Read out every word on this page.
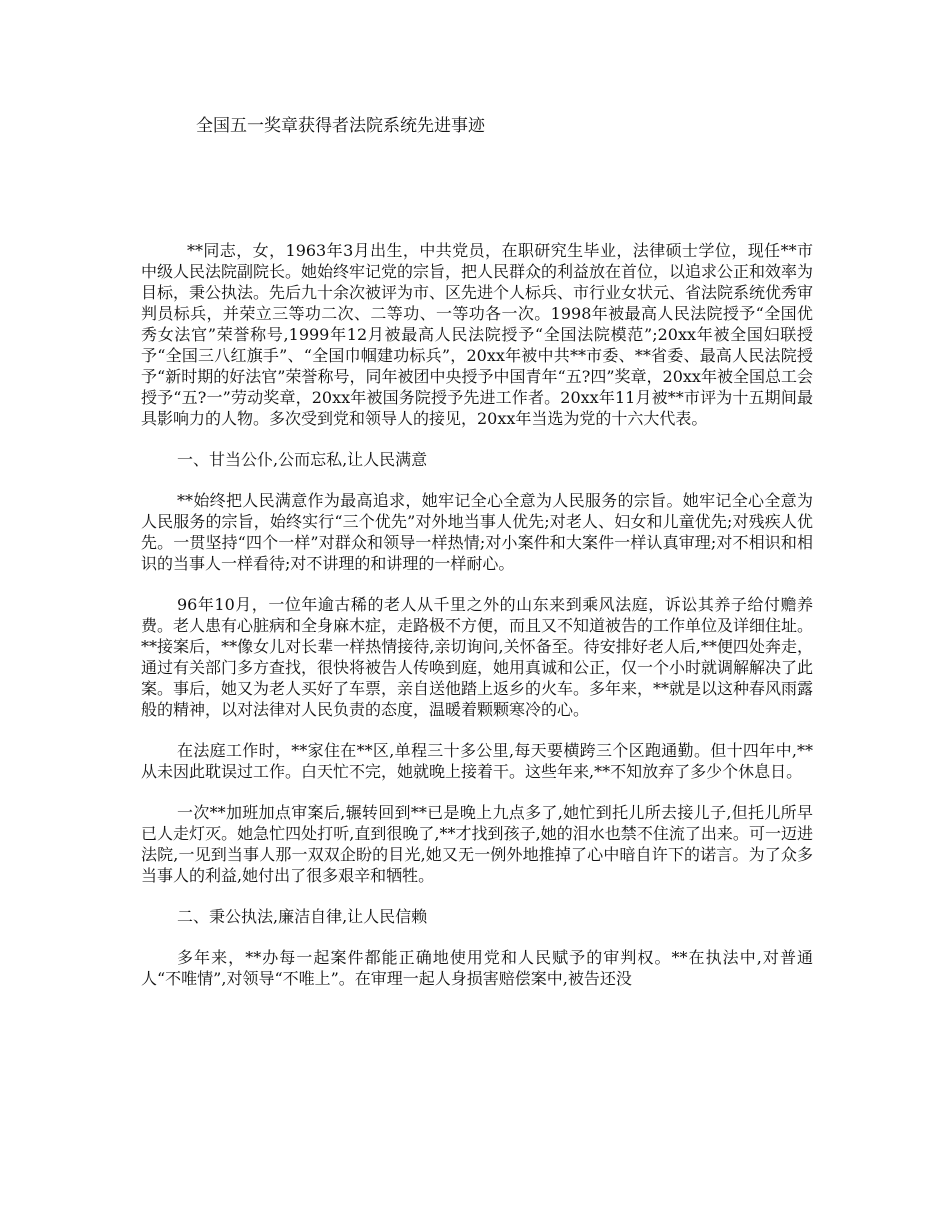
全国五一奖章获得者法院系统先进事迹

**同志，女，1963年3月出生，中共党员，在职研究生毕业，法律硕士学位，现任**市中级人民法院副院长。她始终牢记党的宗旨，把人民群众的利益放在首位，以追求公正和效率为目标，秉公执法。先后九十余次被评为市、区先进个人标兵、市行业女状元、省法院系统优秀审判员标兵，并荣立三等功二次、二等功、一等功各一次。1998年被最高人民法院授予“全国优秀女法官”荣誉称号,1999年12月被最高人民法院授予“全国法院模范”;20xx年被全国妇联授予“全国三八红旗手”、“全国巾帼建功标兵”，20xx年被中共**市委、**省委、最高人民法院授予“新时期的好法官”荣誉称号，同年被团中央授予中国青年“五?四”奖章，20xx年被全国总工会授予“五?一”劳动奖章，20xx年被国务院授予先进工作者。20xx年11月被**市评为十五期间最具影响力的人物。多次受到党和领导人的接见，20xx年当选为党的十六大代表。

一、甘当公仆,公而忘私,让人民满意

**始终把人民满意作为最高追求，她牢记全心全意为人民服务的宗旨。她牢记全心全意为人民服务的宗旨，始终实行“三个优先”对外地当事人优先;对老人、妇女和儿童优先;对残疾人优先。一贯坚持“四个一样”对群众和领导一样热情;对小案件和大案件一样认真审理;对不相识和相识的当事人一样看待;对不讲理的和讲理的一样耐心。

96年10月，一位年逾古稀的老人从千里之外的山东来到乘风法庭，诉讼其养子给付赡养费。老人患有心脏病和全身麻木症，走路极不方便，而且又不知道被告的工作单位及详细住址。**接案后，**像女儿对长辈一样热情接待,亲切询问,关怀备至。待安排好老人后,**便四处奔走，通过有关部门多方查找，很快将被告人传唤到庭，她用真诚和公正，仅一个小时就调解解决了此案。事后，她又为老人买好了车票，亲自送他踏上返乡的火车。多年来，**就是以这种春风雨露般的精神，以对法律对人民负责的态度，温暖着颗颗寒冷的心。

在法庭工作时，**家住在**区,单程三十多公里,每天要横跨三个区跑通勤。但十四年中,**从未因此耽误过工作。白天忙不完，她就晚上接着干。这些年来,**不知放弃了多少个休息日。

一次**加班加点审案后,辗转回到**已是晚上九点多了,她忙到托儿所去接儿子,但托儿所早已人走灯灭。她急忙四处打听,直到很晚了,**才找到孩子,她的泪水也禁不住流了出来。可一迈进法院,一见到当事人那一双双企盼的目光,她又无一例外地推掉了心中暗自许下的诺言。为了众多当事人的利益,她付出了很多艰辛和牺牲。

二、秉公执法,廉洁自律,让人民信赖

多年来，**办每一起案件都能正确地使用党和人民赋予的审判权。**在执法中,对普通人“不唯情”,对领导“不唯上”。在审理一起人身损害赔偿案中,被告还没
